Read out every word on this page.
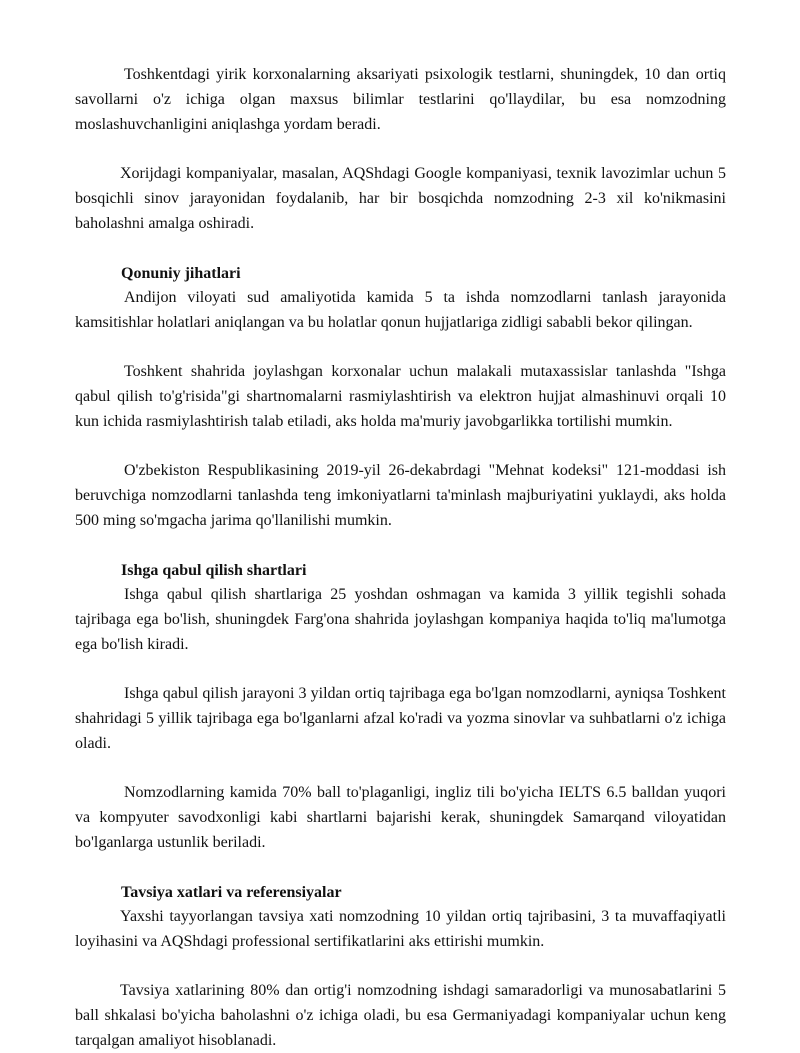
Toshkentdagi yirik korxonalarning aksariyati psixologik testlarni, shuningdek, 10 dan ortiq savollarni o'z ichiga olgan maxsus bilimlar testlarini qo'llaydilar, bu esa nomzodning moslashuvchanligini aniqlashga yordam beradi.

Xorijdagi kompaniyalar, masalan, AQShdagi Google kompaniyasi, texnik lavozimlar uchun 5 bosqichli sinov jarayonidan foydalanib, har bir bosqichda nomzodning 2-3 xil ko'nikmasini baholashni amalga oshiradi.

Qonuniy jihatlari

Andijon viloyati sud amaliyotida kamida 5 ta ishda nomzodlarni tanlash jarayonida kamsitishlar holatlari aniqlangan va bu holatlar qonun hujjatlariga zidligi sababli bekor qilingan.

Toshkent shahrida joylashgan korxonalar uchun malakali mutaxassislar tanlashda "Ishga qabul qilish to'g'risida"gi shartnomalarni rasmiylashtirish va elektron hujjat almashinuvi orqali 10 kun ichida rasmiylashtirish talab etiladi, aks holda ma'muriy javobgarlikka tortilishi mumkin.

O'zbekiston Respublikasining 2019-yil 26-dekabrdagi "Mehnat kodeksi" 121-moddasi ish beruvchiga nomzodlarni tanlashda teng imkoniyatlarni ta'minlash majburiyatini yuklaydi, aks holda 500 ming so'mgacha jarima qo'llanilishi mumkin.

Ishga qabul qilish shartlari

Ishga qabul qilish shartlariga 25 yoshdan oshmagan va kamida 3 yillik tegishli sohada tajribaga ega bo'lish, shuningdek Farg'ona shahrida joylashgan kompaniya haqida to'liq ma'lumotga ega bo'lish kiradi.

Ishga qabul qilish jarayoni 3 yildan ortiq tajribaga ega bo'lgan nomzodlarni, ayniqsa Toshkent shahridagi 5 yillik tajribaga ega bo'lganlarni afzal ko'radi va yozma sinovlar va suhbatlarni o'z ichiga oladi.

Nomzodlarning kamida 70% ball to'plaganligi, ingliz tili bo'yicha IELTS 6.5 balldan yuqori va kompyuter savodxonligi kabi shartlarni bajarishi kerak, shuningdek Samarqand viloyatidan bo'lganlarga ustunlik beriladi.

Tavsiya xatlari va referensiyalar

Yaxshi tayyorlangan tavsiya xati nomzodning 10 yildan ortiq tajribasini, 3 ta muvaffaqiyatli loyihasini va AQShdagi professional sertifikatlarini aks ettirishi mumkin.

Tavsiya xatlarining 80% dan ortig'i nomzodning ishdagi samaradorligi va munosabatlarini 5 ball shkalasi bo'yicha baholashni o'z ichiga oladi, bu esa Germaniyadagi kompaniyalar uchun keng tarqalgan amaliyot hisoblanadi.
